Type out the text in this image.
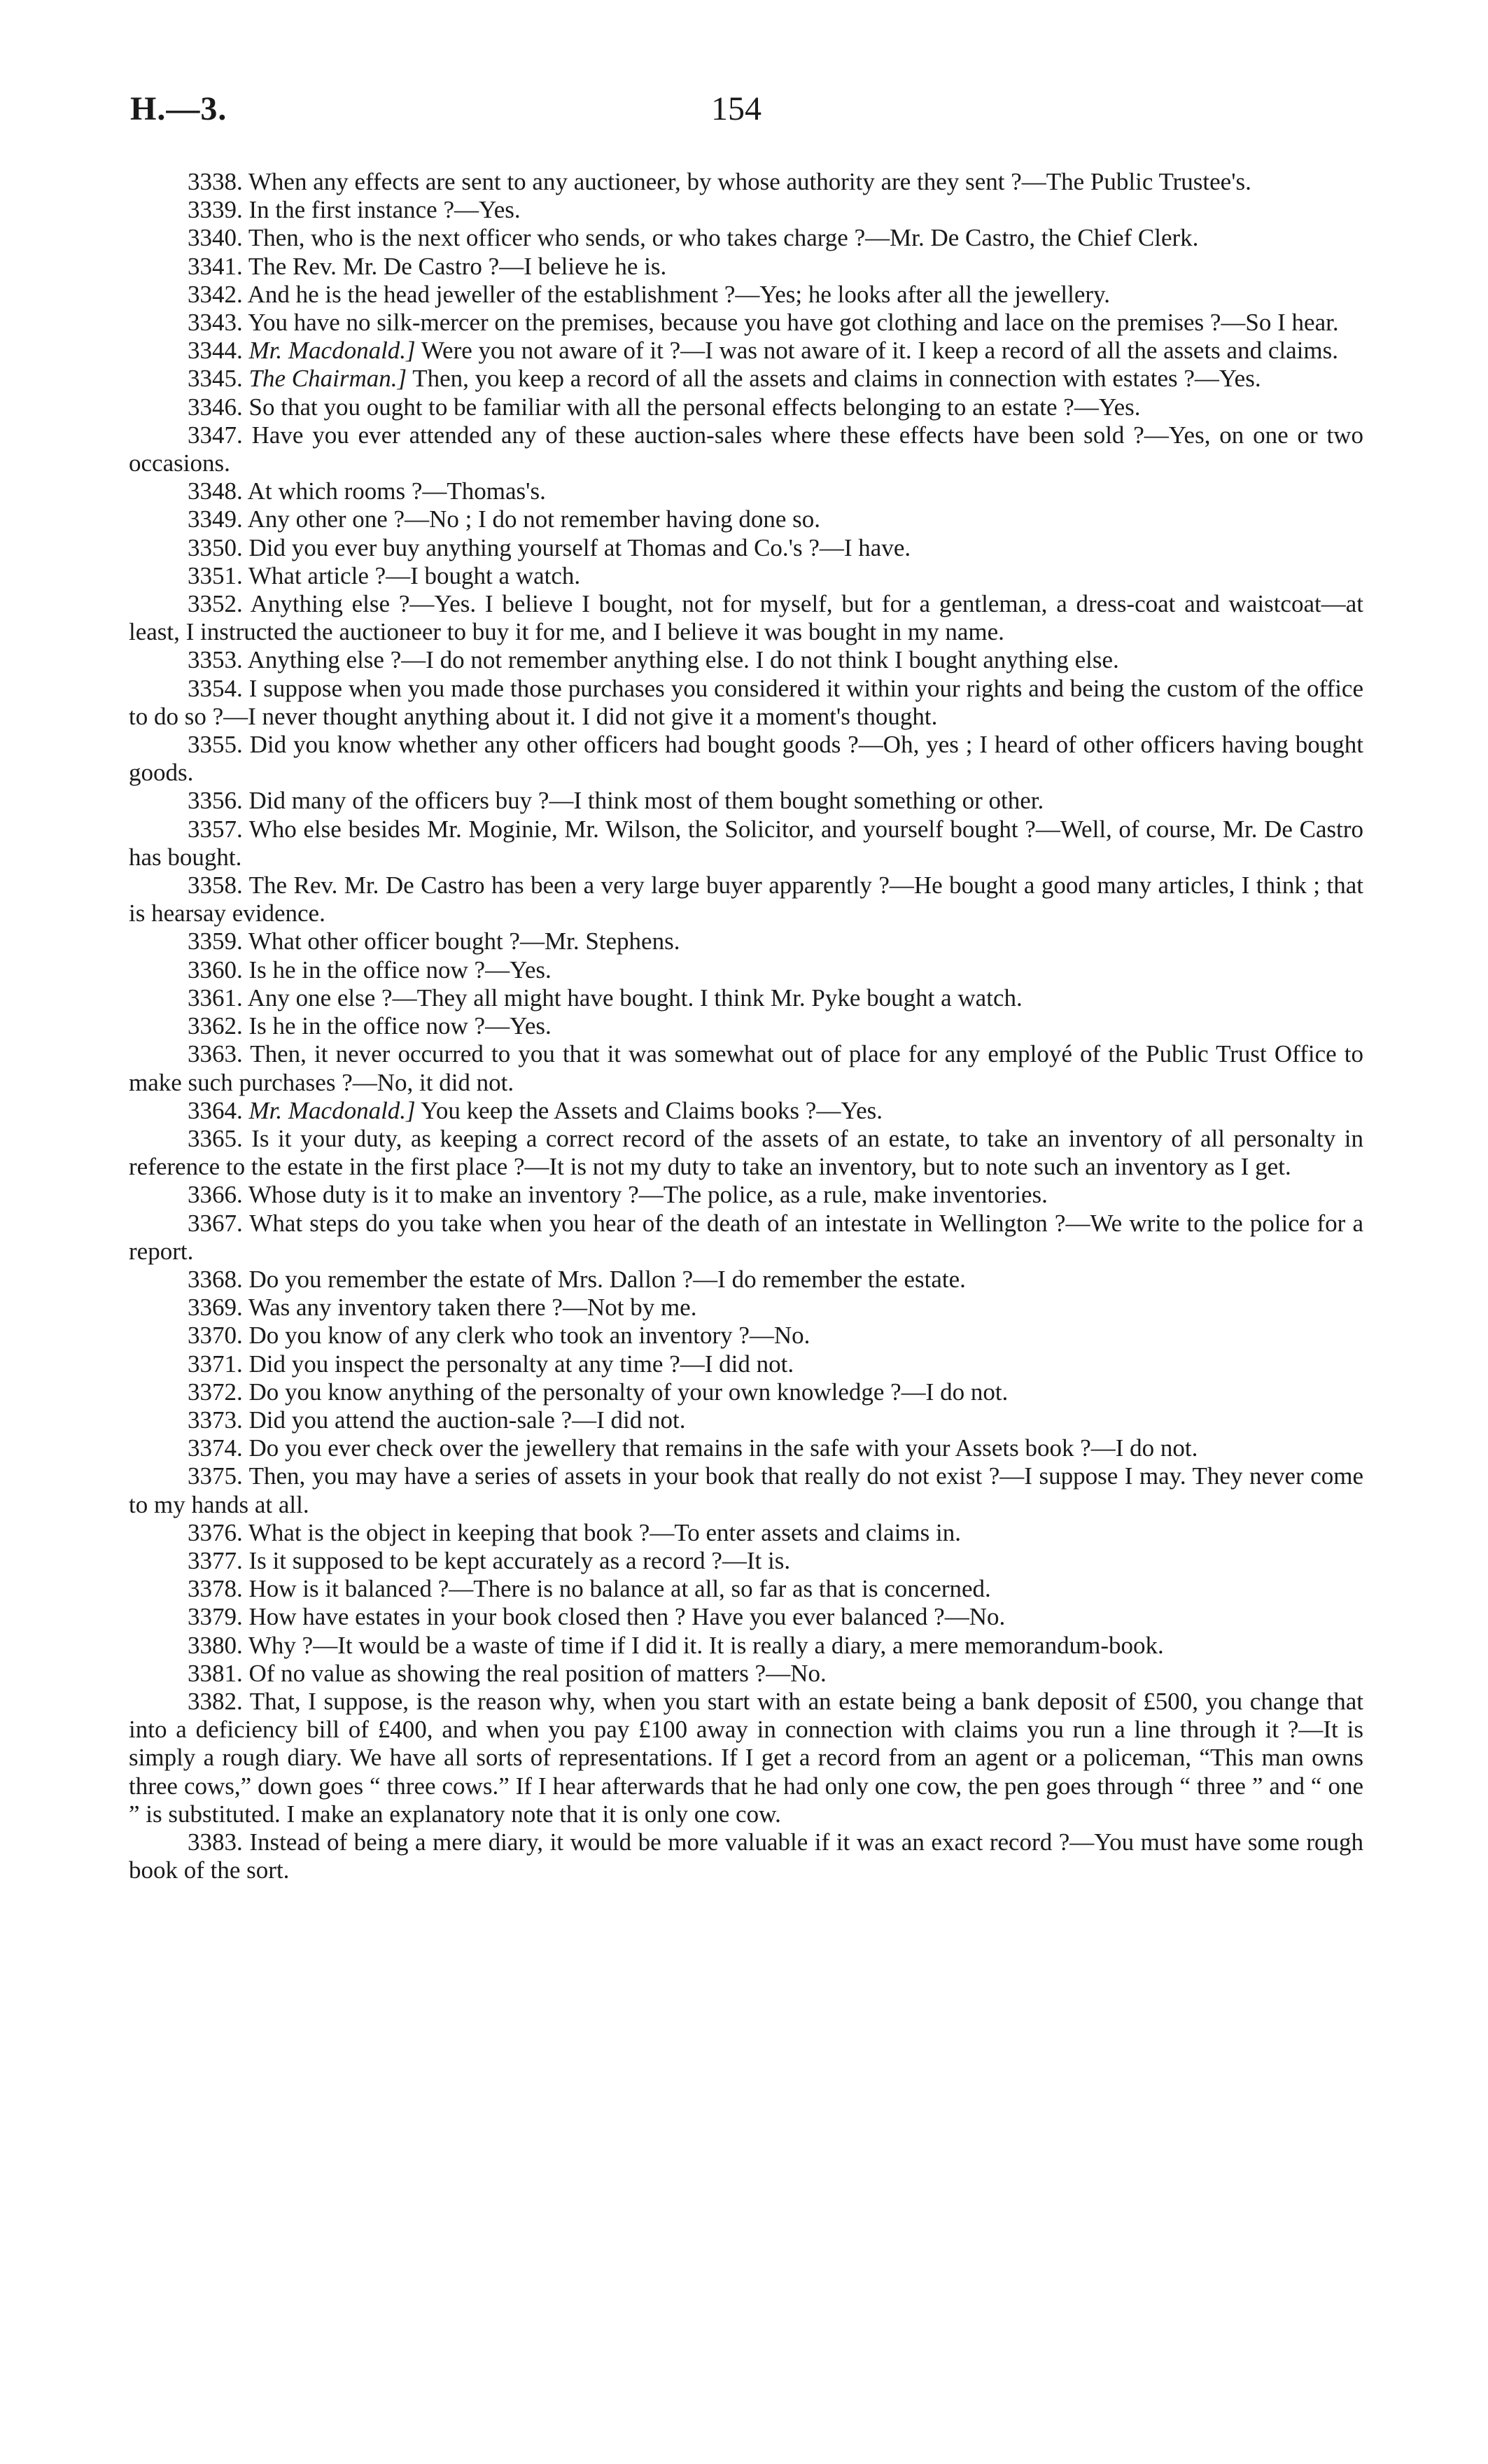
H.—3.	154

3338. When any effects are sent to any auctioneer, by whose authority are they sent ?—The Public Trustee's.

3339. In the first instance ?—Yes.

3340. Then, who is the next officer who sends, or who takes charge ?—Mr. De Castro, the Chief Clerk.

3341. The Rev. Mr. De Castro ?—I believe he is.

3342. And he is the head jeweller of the establishment ?—Yes; he looks after all the jewellery.

3343. You have no silk-mercer on the premises, because you have got clothing and lace on the premises ?—So I hear.

3344. Mr. Macdonald.] Were you not aware of it ?—I was not aware of it. I keep a record of all the assets and claims.

3345. The Chairman.] Then, you keep a record of all the assets and claims in connection with estates ?—Yes.

3346. So that you ought to be familiar with all the personal effects belonging to an estate ?—Yes.

3347. Have you ever attended any of these auction-sales where these effects have been sold ?—Yes, on one or two occasions.

3348. At which rooms ?—Thomas's.

3349. Any other one ?—No ; I do not remember having done so.

3350. Did you ever buy anything yourself at Thomas and Co.'s ?—I have.

3351. What article ?—I bought a watch.

3352. Anything else ?—Yes. I believe I bought, not for myself, but for a gentleman, a dress-coat and waistcoat—at least, I instructed the auctioneer to buy it for me, and I believe it was bought in my name.

3353. Anything else ?—I do not remember anything else. I do not think I bought anything else.

3354. I suppose when you made those purchases you considered it within your rights and being the custom of the office to do so ?—I never thought anything about it. I did not give it a moment's thought.

3355. Did you know whether any other officers had bought goods ?—Oh, yes ; I heard of other officers having bought goods.

3356. Did many of the officers buy ?—I think most of them bought something or other.

3357. Who else besides Mr. Moginie, Mr. Wilson, the Solicitor, and yourself bought ?—Well, of course, Mr. De Castro has bought.

3358. The Rev. Mr. De Castro has been a very large buyer apparently ?—He bought a good many articles, I think ; that is hearsay evidence.

3359. What other officer bought ?—Mr. Stephens.

3360. Is he in the office now ?—Yes.

3361. Any one else ?—They all might have bought. I think Mr. Pyke bought a watch.

3362. Is he in the office now ?—Yes.

3363. Then, it never occurred to you that it was somewhat out of place for any employé of the Public Trust Office to make such purchases ?—No, it did not.

3364. Mr. Macdonald.] You keep the Assets and Claims books ?—Yes.

3365. Is it your duty, as keeping a correct record of the assets of an estate, to take an inventory of all personalty in reference to the estate in the first place ?—It is not my duty to take an inventory, but to note such an inventory as I get.

3366. Whose duty is it to make an inventory ?—The police, as a rule, make inventories.

3367. What steps do you take when you hear of the death of an intestate in Wellington ?—We write to the police for a report.

3368. Do you remember the estate of Mrs. Dallon ?—I do remember the estate.

3369. Was any inventory taken there ?—Not by me.

3370. Do you know of any clerk who took an inventory ?—No.

3371. Did you inspect the personalty at any time ?—I did not.

3372. Do you know anything of the personalty of your own knowledge ?—I do not.

3373. Did you attend the auction-sale ?—I did not.

3374. Do you ever check over the jewellery that remains in the safe with your Assets book ?—I do not.

3375. Then, you may have a series of assets in your book that really do not exist ?—I suppose I may. They never come to my hands at all.

3376. What is the object in keeping that book ?—To enter assets and claims in.

3377. Is it supposed to be kept accurately as a record ?—It is.

3378. How is it balanced ?—There is no balance at all, so far as that is concerned.

3379. How have estates in your book closed then ? Have you ever balanced ?—No.

3380. Why ?—It would be a waste of time if I did it. It is really a diary, a mere memorandum-book.

3381. Of no value as showing the real position of matters ?—No.

3382. That, I suppose, is the reason why, when you start with an estate being a bank deposit of £500, you change that into a deficiency bill of £400, and when you pay £100 away in connection with claims you run a line through it ?—It is simply a rough diary. We have all sorts of representations. If I get a record from an agent or a policeman, “This man owns three cows,” down goes “ three cows.” If I hear afterwards that he had only one cow, the pen goes through “ three ” and “ one ” is substituted. I make an explanatory note that it is only one cow.

3383. Instead of being a mere diary, it would be more valuable if it was an exact record ?—You must have some rough book of the sort.
